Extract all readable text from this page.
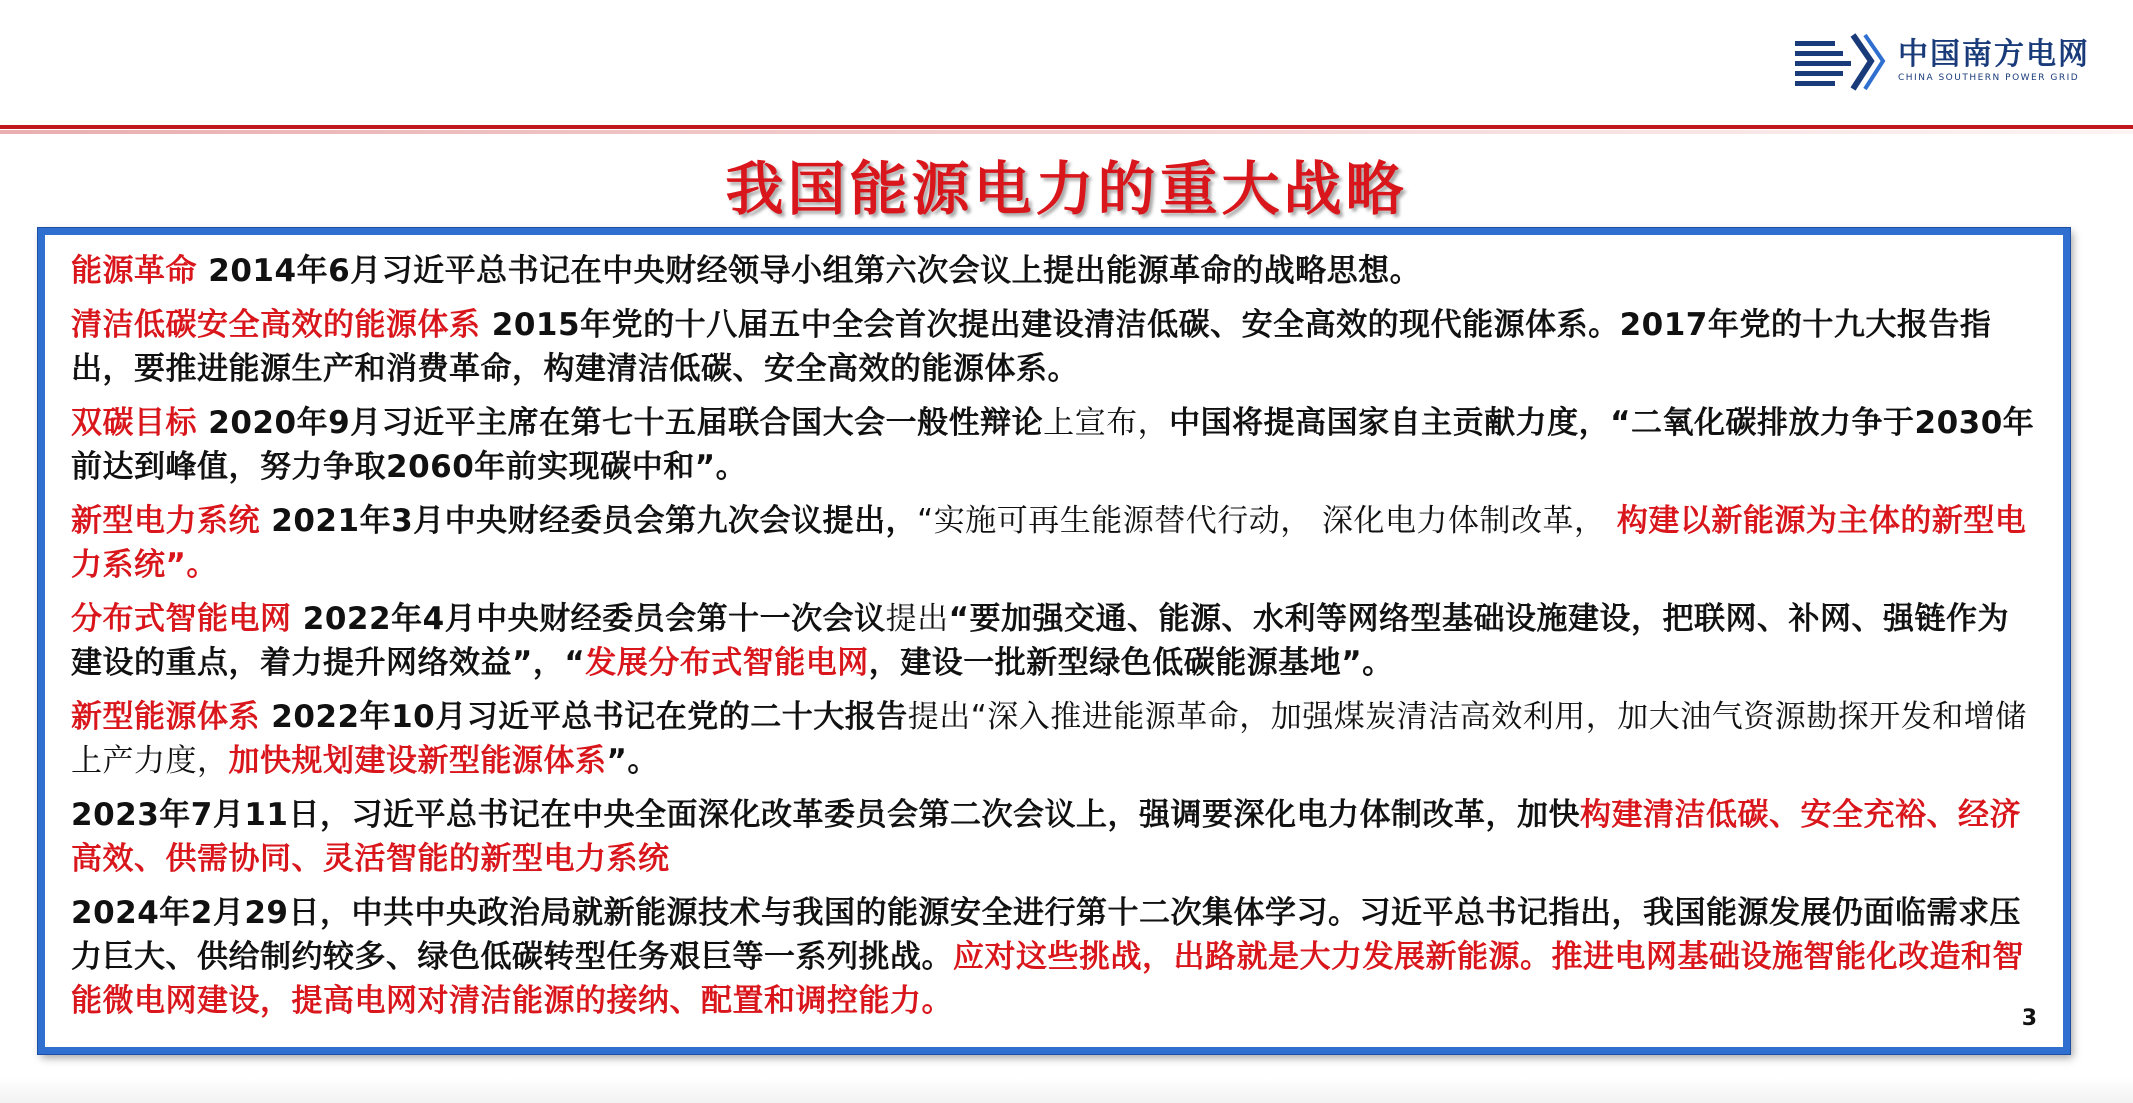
中国南方电网
CHINA SOUTHERN POWER GRID
我国能源电力的重大战略

能源革命 2014年6月习近平总书记在中央财经领导小组第六次会议上提出能源革命的战略思想。

清洁低碳安全高效的能源体系 2015年党的十八届五中全会首次提出建设清洁低碳、安全高效的现代能源体系。2017年党的十九大报告指出，要推进能源生产和消费革命，构建清洁低碳、安全高效的能源体系。

双碳目标 2020年9月习近平主席在第七十五届联合国大会一般性辩论上宣布，中国将提高国家自主贡献力度，“二氧化碳排放力争于2030年前达到峰值，努力争取2060年前实现碳中和”。

新型电力系统 2021年3月中央财经委员会第九次会议提出，“实施可再生能源替代行动， 深化电力体制改革， 构建以新能源为主体的新型电力系统”。

分布式智能电网 2022年4月中央财经委员会第十一次会议提出“要加强交通、能源、水利等网络型基础设施建设，把联网、补网、强链作为建设的重点，着力提升网络效益”，“发展分布式智能电网，建设一批新型绿色低碳能源基地”。

新型能源体系 2022年10月习近平总书记在党的二十大报告提出“深入推进能源革命，加强煤炭清洁高效利用，加大油气资源勘探开发和增储上产力度，加快规划建设新型能源体系”。

2023年7月11日，习近平总书记在中央全面深化改革委员会第二次会议上，强调要深化电力体制改革，加快构建清洁低碳、安全充裕、经济高效、供需协同、灵活智能的新型电力系统

2024年2月29日，中共中央政治局就新能源技术与我国的能源安全进行第十二次集体学习。习近平总书记指出，我国能源发展仍面临需求压力巨大、供给制约较多、绿色低碳转型任务艰巨等一系列挑战。应对这些挑战，出路就是大力发展新能源。推进电网基础设施智能化改造和智能微电网建设，提高电网对清洁能源的接纳、配置和调控能力。	3
